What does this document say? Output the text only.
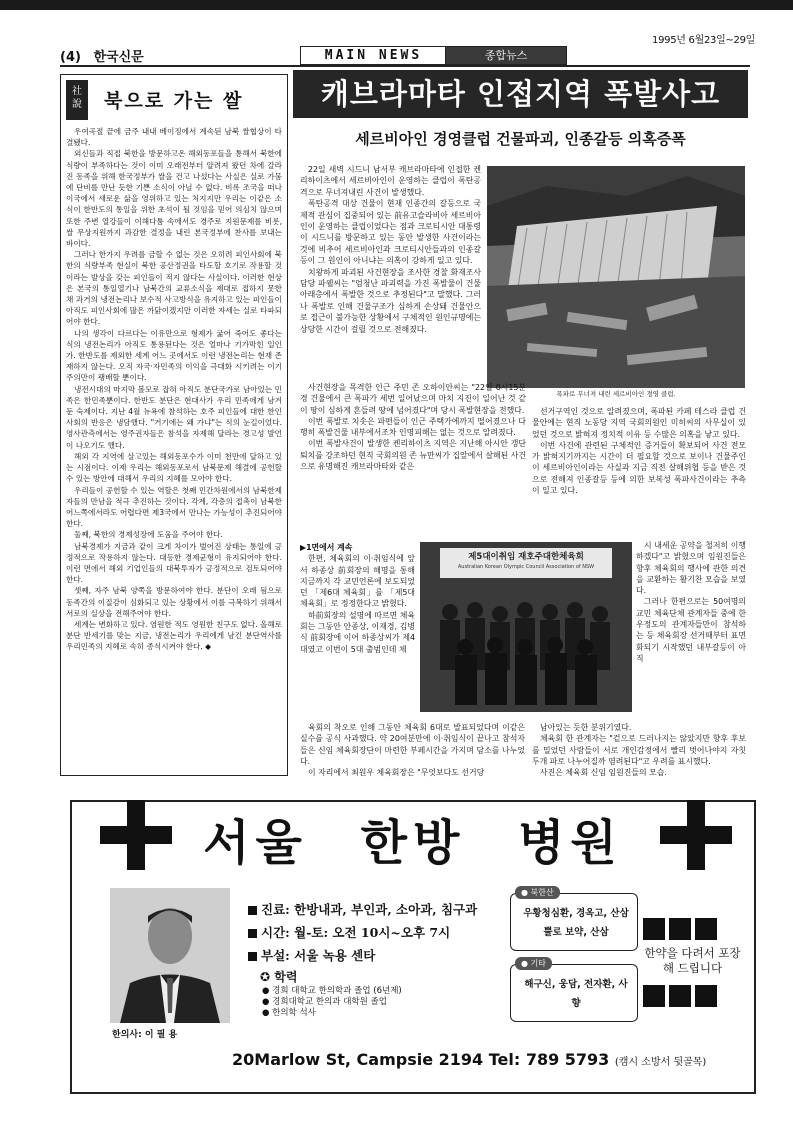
(4) 한국신문
1995년 6월23일~29일
MAIN NEWS	종합뉴스
社 說	북으로 가는 쌀

우여곡절 끝에 금주 내내 베이징에서 계속된 남북 쌀협상이 타결됐다.

외신들과 직접 북한을 방문하고온 해외동포들을 통해서 북한에 식량이 부족하다는 것이 이미 오래전부터 알려져 왔던 차에 갈라진 동족을 위해 한국정부가 쌀을 건고 나섰다는 사실은 실로 가뭄에 단비를 만난 듯한 기쁜 소식이 아닐 수 없다. 비록 조국을 떠나 이국에서 새로운 삶을 영위하고 있는 처지지만 우리는 이같은 소식이 한반도의 통일을 위한 초석이 될 것임을 믿어 의심치 않으며 또한 주변 열강들이 이해다툼 속에서도 경주로 지원문제를 비롯, 쌀 무상지원까지 과감한 결정을 내린 본국정부에 찬사를 보내는 바이다.

그러나 한가지 우려를 금할 수 없는 것은 오히려 피인사회에 북한의 식량부족 현실이 북한 공산정권을 타도할 호기로 작용할 것이라는 발상을 갖는 피인들이 적지 않다는 사실이다. 이러한 현상은 본국의 통일열기나 남북간의 교류소식을 제대로 접하지 못한 채 과거의 냉전논리나 보수적 사고방식을 유지하고 있는 피인들이 아직도 피인사회에 많은 까닭이겠지만 이러한 자세는 실로 타파되어야 한다.

나의 생각이 다르다는 이유만으로 형제가 굶어 죽어도 좋다는 식의 냉전논리가 아직도 통용된다는 것은 얼마나 기가막힌 일인가. 한반도를 제외한 세계 어느 곳에서도 이런 냉전논리는 현재 존재하지 않는다. 오직 자국·자민족의 이익을 극대화 시키려는 이기주의만이 팽배할 뿐이다.

냉전시대의 마지막 볼모로 잡혀 아직도 분단국가로 남아있는 민족은 한민족뿐이다. 한반도 분단은 현대사가 우리 민족에게 남겨둔 숙제이다. 지난 4월 뉴욕에 참석하는 호주 피인들에 대한 한인사회의 반응은 냉담했다. "거기에는 왜 가냐"는 식의 눈길이었다. 영사관측에서는 영주권자들은 참석을 자제해 달라는 경고성 발언이 나오기도 했다.

해외 각 지역에 살고있는 해외동포수가 이미 천만에 달하고 있는 시점이다. 이제 우리는 해외동포로서 남북문제 해결에 공헌할 수 있는 방안에 대해서 우리의 지혜를 모아야 한다.

우리들이 공헌할 수 있는 역할은 첫째 민간차원에서의 남북한제자들의 만남을 적극 추진하는 것이다. 각계, 각층의 접촉이 남북한 어느쪽에서라도 어렵다면 제3국에서 만나는 가능성이 추진되어야 한다.

둘째, 북한의 경제성장에 도움을 주어야 한다.

남북경제가 지금과 같이 크게 차이가 벌어진 상태는 통일에 긍정적으로 작용하지 않는다. 대등한 경제균형이 유지되어야 한다. 이런 면에서 해외 기업인들의 대북투자가 긍정적으로 검토되어야 한다.

셋째, 자주 남북 양쪽을 방문하여야 한다. 분단이 오래 됨으로 동족간의 이질감이 심화되고 있는 상황에서 이를 극복하기 위해서 서로의 실상을 전해주어야 한다.

세계는 변화하고 있다. 염원한 적도 영원한 친구도 없다. 올해로 분단 반세기를 맞는 지금, 냉전논리가 우리에게 남긴 분단역사를 우리민족의 지혜로 속히 종식시켜야 한다. ◆

캐브라마타 인접지역 폭발사고
세르비아인 경영클럽 건물파괴, 인종갈등 의혹증폭

22일 새벽 시드니 남서부 캐브라마타에 인접한 켄리하이츠에서 세르비아인이 운영하는 클럽이 폭탄공격으로 무너져내린 사건이 발생했다.

폭탄공격 대상 건물이 현재 인종간의 갈등으로 국제적 관심이 집중되어 있는 前유고슬라비아 세르비아인이 운영하는 클럽이었다는 점과 크로티시안 대통령이 시드니를 방문하고 있는 동안 발생한 사건이라는 것에 비추어 세르비아인과 크로티시안들과의 인종갈등이 그 원인이 아니냐는 의혹이 강하게 일고 있다.

치왕하게 파괴된 사건현장을 조사한 경찰 화재조사담당 파웰씨는 "엄청난 파괴력을 가진 폭발물이 건물 아래층에서 폭발한 것으로 추정된다"고 말했다. 그러나 폭발로 인해 건물구조가 심하게 손상돼 건물안으로 접근이 불가능한 상황에서 구체적인 원인규명에는 상당한 시간이 걸릴 것으로 전해졌다.

폭파로 무너져 내린 세르비아인 경영 클럽.

사건현장을 목격한 인근 주민 존 오하이안씨는 "22일 0시15분경 건물에서 큰 폭파가 세번 일어났으며 마치 지진이 일어난 것 같이 땅이 심하게 흔들려 땅에 넘어졌다"며 당시 폭발현장을 전했다.

이번 폭발로 치솟은 파편들이 인근 주택가에까지 떨어졌으나 다행히 폭발건물 내부에서조차 인명피해는 없는 것으로 알려졌다.

이번 폭발사건이 발생한 켄리하이츠 지역은 지난해 아시안 갱단퇴치를 강조하던 현직 국회의원 존 뉴만씨가 집앞에서 살해된 사건으로 유명해진 캐브라마타와 같은

선거구역인 것으로 알려졌으며, 폭파된 카페 테스라 클럽 건물안에는 현직 노동당 지역 국회의원인 미히씨의 사무실이 있었던 것으로 밝혀져 정치적 이유 등 수많은 의혹을 낳고 있다.

이번 사건에 관련된 구체적인 증거들이 확보되어 사건 전모가 밝혀지기까지는 시간이 더 필요할 것으로 보이나 건물주인이 세르비아인이라는 사실과 지금 직전 살해위협 등을 받은 것으로 전해져 인종갈등 등에 의한 보복성 폭파사건이라는 추측이 일고 있다.

▶1면에서 계속

한편, 체육회의 이·취임식에 앞서 하종상 前회장의 해명을 통해 지금까지 각 교민언론에 보도되었던 「제6대 체육회」를 「제5대 체육회」로 정정한다고 밝혔다.

하前회장의 설명에 따르면 체육회는 그동안 안종상, 이재경, 김병식 前회장에 이어 하종상씨가 제4대였고 이번이 5대 출범인데 체

제5대이취임 재호주대한체육회
Australian Korean Olympic Council Association of NSW

시 내세운 공약을 철저히 이행하겠다"고 밝혔으며 임원진들은 향후 체육회의 행사에 관한 의견을 교환하는 활기찬 모습을 보였다.

그러나 한편으로는 50여명의 교민 체육단체 관계자들 중에 한우정도의 관계자들만이 참석하는 등 체육회장 선거때부터 표면화되기 시작했던 내부갈등이 아직

육회의 착오로 인해 그동안 체육회 6대로 발표되었다며 이같은 실수를 공식 사과했다. 약 20여분만에 이·취임식이 끝나고 참석자들은 신임 체육회장단이 마련한 부페시간을 가지며 담소를 나누었다.

이 자리에서 최원우 체육회장은 "무엇보다도 선거당

남아있는 듯한 분위기였다.

체육회 한 관계자는 "겉으로 드러나지는 않았지만 향후 후보를 밀었던 사람들이 서로 개인감정에서 빨리 벗어나야지 자칫 두개 파로 나누어질까 염려된다"고 우려를 표시했다.

사진은 체육회 신임 임원진들의 모습.

서울 한방 병원
한의사: 이 필 용
진료: 한방내과, 부인과, 소아과, 침구과
시간: 월-토: 오전 10시~오후 7시
부설: 서울 녹용 센타
✪ 학력
● 경희 대학교 한의학과 졸업 (6년제)
● 경희대학교 한의과 대학원 졸업
● 한의학 석사
● 북한산
우황청심환, 경옥고, 산삼뿔로 보약, 산삼
● 기타
해구신, 웅담, 전자환, 사향
한약을 다려서 포장해 드립니다
20Marlow St, Campsie 2194 Tel: 789 5793 (캠시 소방서 뒷골목)
